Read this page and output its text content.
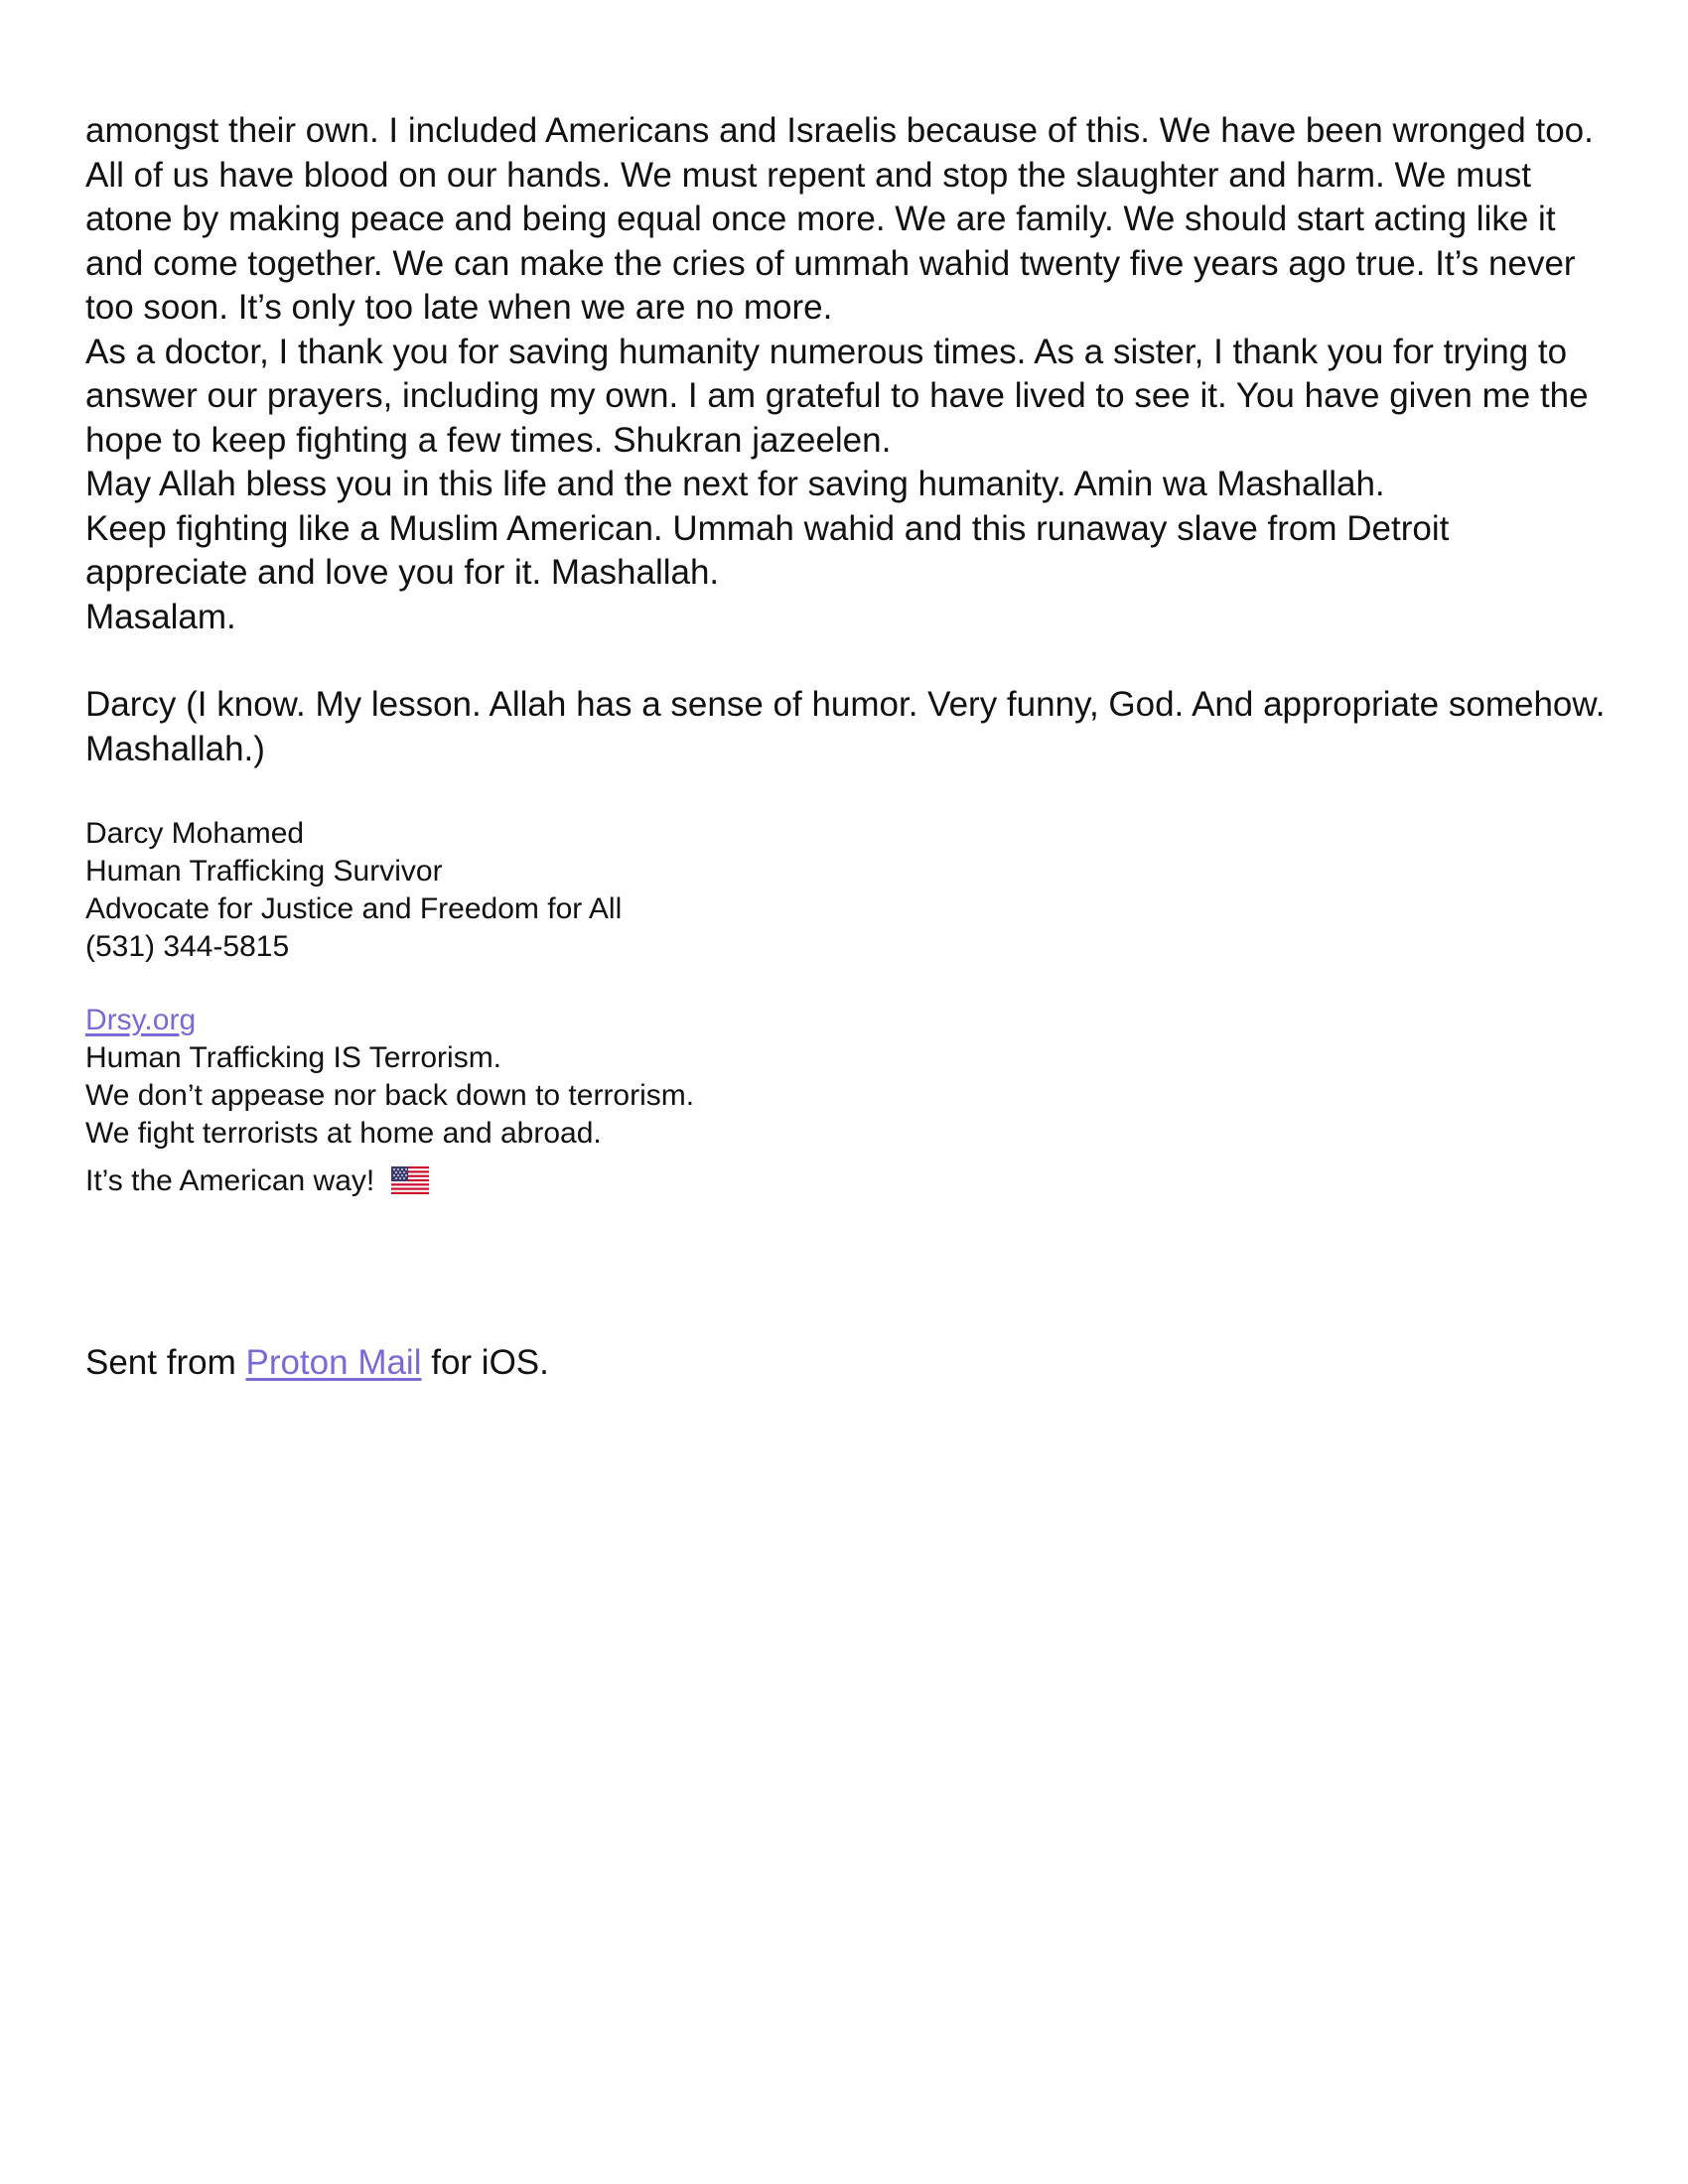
amongst their own. I included Americans and Israelis because of this. We have been wronged too.

All of us have blood on our hands. We must repent and stop the slaughter and harm. We must atone by making peace and being equal once more. We are family. We should start acting like it and come together. We can make the cries of ummah wahid twenty five years ago true. It’s never too soon. It’s only too late when we are no more.

As a doctor, I thank you for saving humanity numerous times. As a sister, I thank you for trying to answer our prayers, including my own. I am grateful to have lived to see it. You have given me the hope to keep fighting a few times. Shukran jazeelen.

May Allah bless you in this life and the next for saving humanity. Amin wa Mashallah.

Keep fighting like a Muslim American. Ummah wahid and this runaway slave from Detroit appreciate and love you for it. Mashallah.

Masalam.

Darcy (I know. My lesson. Allah has a sense of humor. Very funny, God. And appropriate somehow. Mashallah.)

Darcy Mohamed

Human Trafficking Survivor

Advocate for Justice and Freedom for All

(531) 344-5815

Drsy.org

Human Trafficking IS Terrorism.

We don’t appease nor back down to terrorism.

We fight terrorists at home and abroad.

It’s the American way!

Sent from Proton Mail for iOS.
